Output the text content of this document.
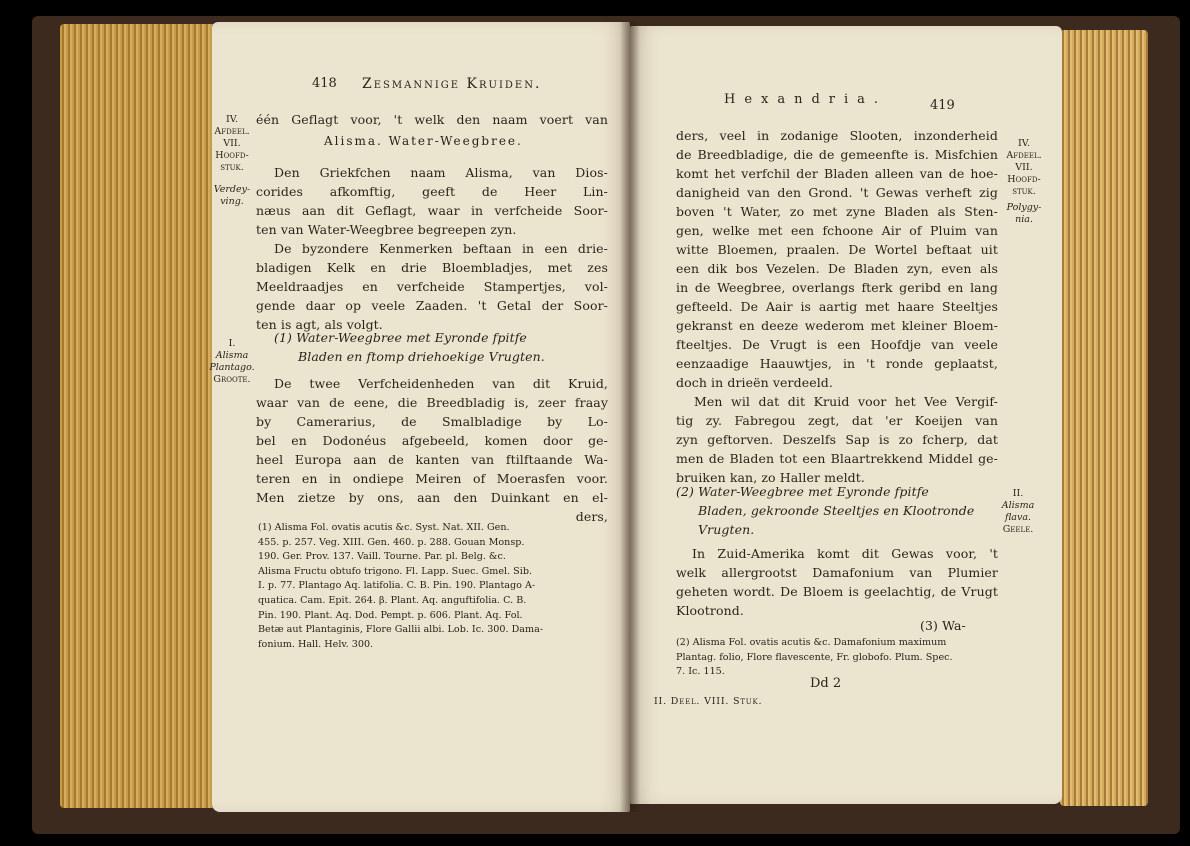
418 Zesmannige Kruiden.
IV.
Afdeel.
VII.
Hoofd-
stuk.
Verdey-
ving.
één Geflagt voor, 't welk den naam voert van
Alisma. Water-Weegbree.
Den Griekfchen naam Alisma, van Dios-
corides afkomftig, geeft de Heer Lin-
næus aan dit Geflagt, waar in verfcheide Soor-
ten van Water-Weegbree begreepen zyn.
De byzondere Kenmerken beftaan in een drie-
bladigen Kelk en drie Bloembladjes, met zes
Meeldraadjes en verfcheide Stampertjes, vol-
gende daar op veele Zaaden. 't Getal der Soor-
ten is agt, als volgt.
I.
Alisma
Plantago.
Groote.
(1) Water-Weegbree met Eyronde fpitfe
Bladen en ftomp driehoekige Vrugten.
De twee Verfcheidenheden van dit Kruid,
waar van de eene, die Breedbladig is, zeer fraay
by Camerarius, de Smalbladige by Lo-
bel en Dodonéus afgebeeld, komen door ge-
heel Europa aan de kanten van ftilftaande Wa-
teren en in ondiepe Meiren of Moerasfen voor.
Men zietze by ons, aan den Duinkant en el-
ders,
(1) Alisma Fol. ovatis acutis &c. Syst. Nat. XII. Gen.
455. p. 257. Veg. XIII. Gen. 460. p. 288. Gouan Monsp.
190. Ger. Prov. 137. Vaill. Tourne. Par. pl. Belg. &c.
Alisma Fructu obtufo trigono. Fl. Lapp. Suec. Gmel. Sib.
I. p. 77. Plantago Aq. latifolia. C. B. Pin. 190. Plantago A-
quatica. Cam. Epit. 264. β. Plant. Aq. anguftifolia. C. B.
Pin. 190. Plant. Aq. Dod. Pempt. p. 606. Plant. Aq. Fol.
Betæ aut Plantaginis, Flore Gallii albi. Lob. Ic. 300. Dama-
fonium. Hall. Helv. 300.
Hexandria.	419
ders, veel in zodanige Slooten, inzonderheid
de Breedbladige, die de gemeenfte is. Misfchien
komt het verfchil der Bladen alleen van de hoe-
danigheid van den Grond. 't Gewas verheft zig
boven 't Water, zo met zyne Bladen als Sten-
gen, welke met een fchoone Air of Pluim van
witte Bloemen, praalen. De Wortel beftaat uit
een dik bos Vezelen. De Bladen zyn, even als
in de Weegbree, overlangs fterk geribd en lang
gefteeld. De Aair is aartig met haare Steeltjes
gekranst en deeze wederom met kleiner Bloem-
fteeltjes. De Vrugt is een Hoofdje van veele
eenzaadige Haauwtjes, in 't ronde geplaatst,
doch in drieën verdeeld.
Men wil dat dit Kruid voor het Vee Vergif-
tig zy. Fabregou zegt, dat 'er Koeijen van
zyn geftorven. Deszelfs Sap is zo fcherp, dat
men de Bladen tot een Blaartrekkend Middel ge-
bruiken kan, zo Haller meldt.
IV.
Afdeel.
VII.
Hoofd-
stuk.
Polygy-
nia.
(2) Water-Weegbree met Eyronde fpitfe
Bladen, gekroonde Steeltjes en Klootronde
Vrugten.
II.
Alisma
flava.
Geele.
In Zuid-Amerika komt dit Gewas voor, 't
welk allergrootst Damafonium van Plumier
geheten wordt. De Bloem is geelachtig, de Vrugt
Klootrond.
(3) Wa-
(2) Alisma Fol. ovatis acutis &c. Damafonium maximum
Plantag. folio, Flore flavescente, Fr. globofo. Plum. Spec.
7. Ic. 115.
Dd 2
II. Deel. VIII. Stuk.
